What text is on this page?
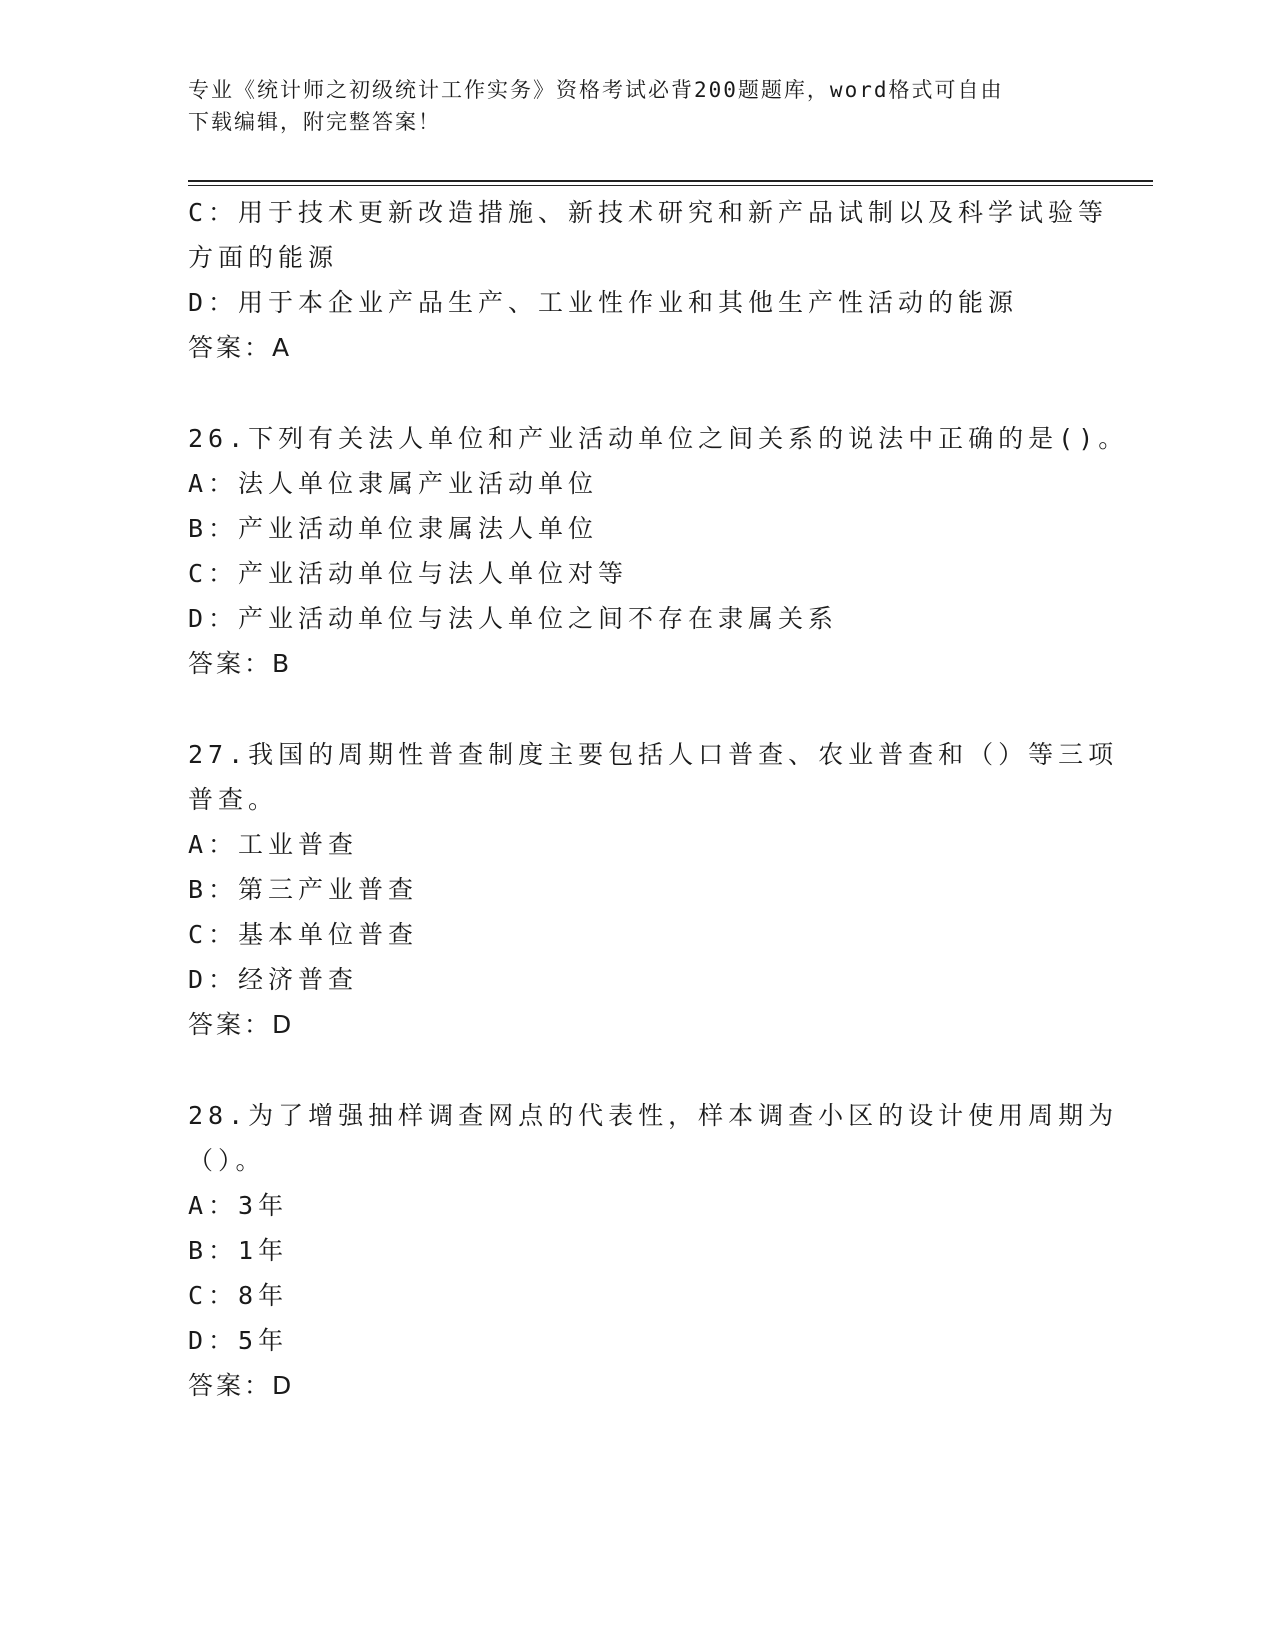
专业《统计师之初级统计工作实务》资格考试必背200题题库，word格式可自由
下载编辑，附完整答案！
C：用于技术更新改造措施、新技术研究和新产品试制以及科学试验等
方面的能源
D：用于本企业产品生产、工业性作业和其他生产性活动的能源
答案：A
26.下列有关法人单位和产业活动单位之间关系的说法中正确的是()。
A：法人单位隶属产业活动单位
B：产业活动单位隶属法人单位
C：产业活动单位与法人单位对等
D：产业活动单位与法人单位之间不存在隶属关系
答案：B
27.我国的周期性普查制度主要包括人口普查、农业普查和（）等三项
普查。
A：工业普查
B：第三产业普查
C：基本单位普查
D：经济普查
答案：D
28.为了增强抽样调查网点的代表性，样本调查小区的设计使用周期为
（）。
A：3年
B：1年
C：8年
D：5年
答案：D
